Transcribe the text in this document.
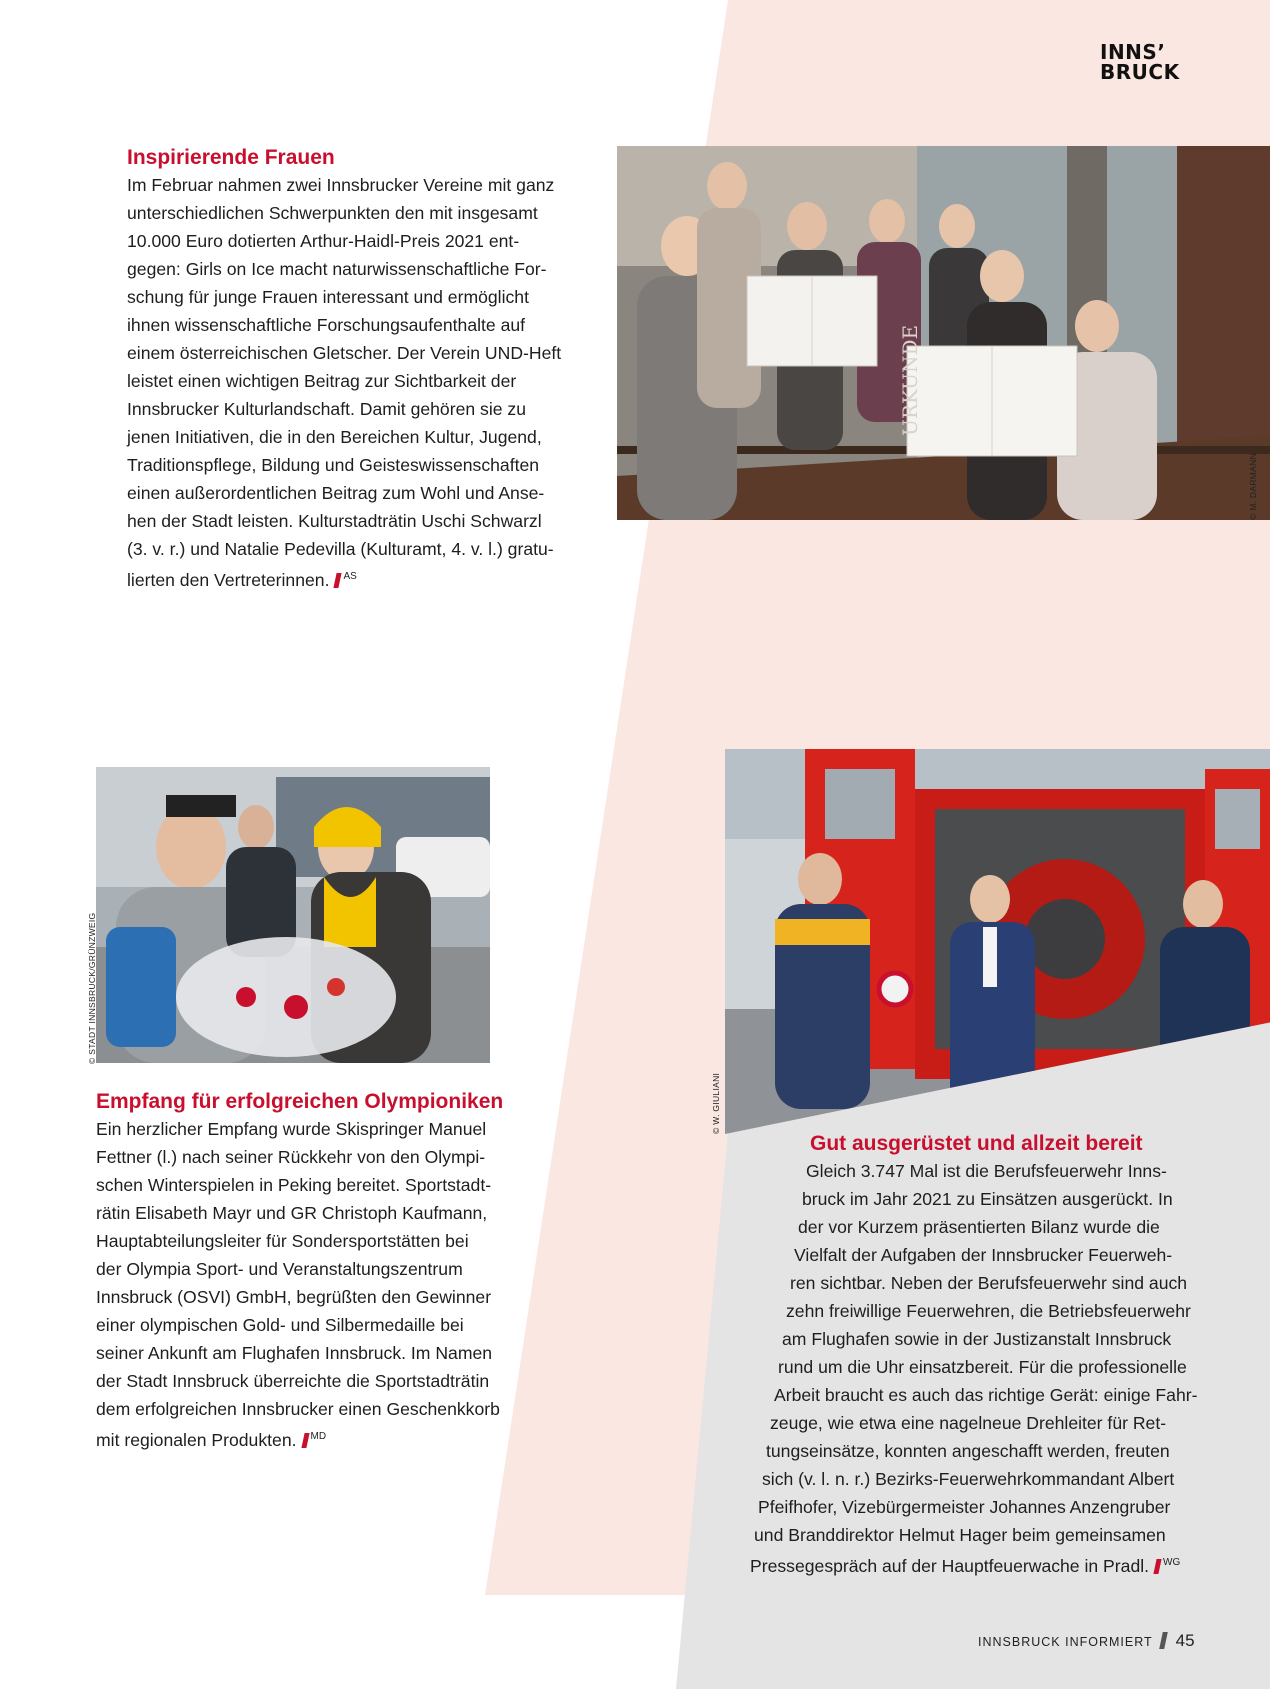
INNS’
BRUCK
Inspirierende Frauen
Im Februar nahmen zwei Innsbrucker Vereine mit ganz
unterschiedlichen Schwerpunkten den mit insgesamt
10.000 Euro dotierten Arthur-Haidl-Preis 2021 ent-
gegen: Girls on Ice macht naturwissenschaftliche For-
schung für junge Frauen interessant und ermöglicht
ihnen wissenschaftliche Forschungsaufenthalte auf
einem österreichischen Gletscher. Der Verein UND-Heft
leistet einen wichtigen Beitrag zur Sichtbarkeit der
Innsbrucker Kulturlandschaft. Damit gehören sie zu
jenen Initiativen, die in den Bereichen Kultur, Jugend,
Traditionspflege, Bildung und Geisteswissenschaften
einen außerordentlichen Beitrag zum Wohl und Anse-
hen der Stadt leisten. Kulturstadträtin Uschi Schwarzl
(3. v. r.) und Natalie Pedevilla (Kulturamt, 4. v. l.) gratu-
lierten den Vertreterinnen. $^{AS}$
URKUNDE
© M. DARMANN
© STADT INNSBRUCK/GRÜNZWEIG
Empfang für erfolgreichen Olympioniken
Ein herzlicher Empfang wurde Skispringer Manuel
Fettner (l.) nach seiner Rückkehr von den Olympi-
schen Winterspielen in Peking bereitet. Sportstadt-
rätin Elisabeth Mayr und GR Christoph Kaufmann,
Hauptabteilungsleiter für Sondersportstätten bei
der Olympia Sport- und Veranstaltungszentrum
Innsbruck (OSVI) GmbH, begrüßten den Gewinner
einer olympischen Gold- und Silbermedaille bei
seiner Ankunft am Flughafen Innsbruck. Im Namen
der Stadt Innsbruck überreichte die Sportstadträtin
dem erfolgreichen Innsbrucker einen Geschenkkorb
mit regionalen Produkten. $^{MD}$
© W. GIULIANI
Gut ausgerüstet und allzeit bereit
Gleich 3.747 Mal ist die Berufsfeuerwehr Inns-
bruck im Jahr 2021 zu Einsätzen ausgerückt. In
der vor Kurzem präsentierten Bilanz wurde die
Vielfalt der Aufgaben der Innsbrucker Feuerweh-
ren sichtbar. Neben der Berufsfeuerwehr sind auch
zehn freiwillige Feuerwehren, die Betriebsfeuerwehr
am Flughafen sowie in der Justizanstalt Innsbruck
rund um die Uhr einsatzbereit. Für die professionelle
Arbeit braucht es auch das richtige Gerät: einige Fahr-
zeuge, wie etwa eine nagelneue Drehleiter für Ret-
tungseinsätze, konnten angeschafft werden, freuten
sich (v. l. n. r.) Bezirks-Feuerwehrkommandant Albert
Pfeifhofer, Vizebürgermeister Johannes Anzengruber
und Branddirektor Helmut Hager beim gemeinsamen
Pressegespräch auf der Hauptfeuerwache in Pradl. $^{WG}$
INNSBRUCK INFORMIERT 45
